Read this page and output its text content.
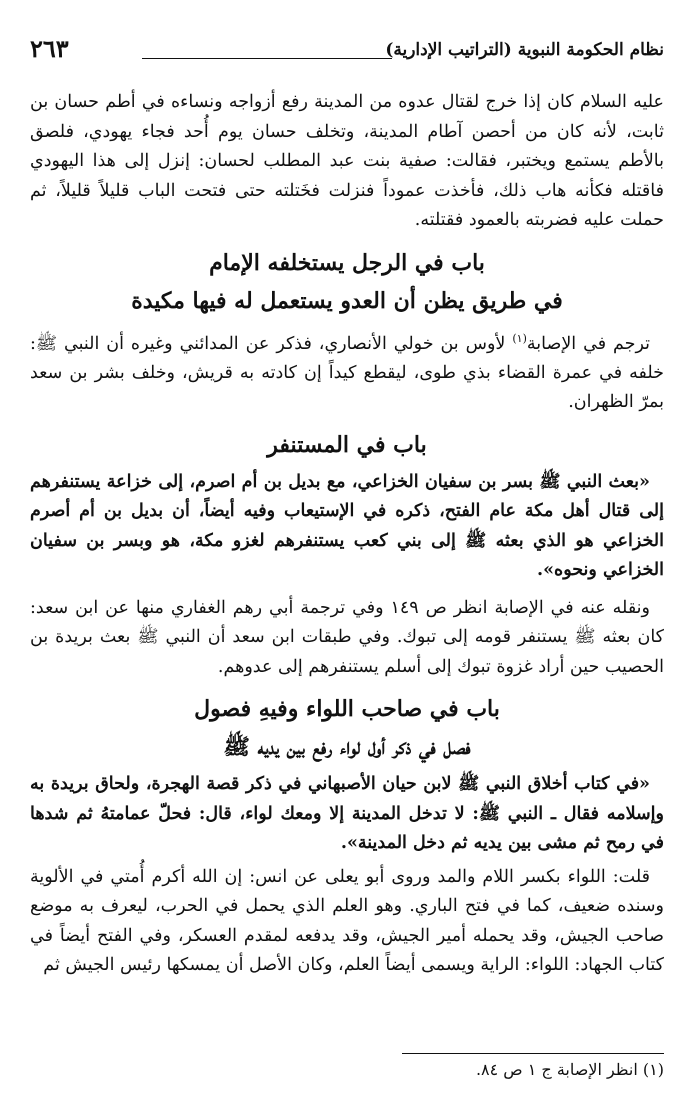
نظام الحكومة النبوية (التراتيب الإدارية)
٢٦٣

عليه السلام كان إذا خرج لقتال عدوه من المدينة رفع أزواجه ونساءه في أطم حسان بن ثابت، لأنه كان من أحصن آطام المدينة، وتخلف حسان يوم أُحد فجاء يهودي، فلصق بالأطم يستمع ويختبر، فقالت: صفية بنت عبد المطلب لحسان: إنزل إلى هذا اليهودي فاقتله فكأنه هاب ذلك، فأخذت عموداً فنزلت فخَتلته حتى فتحت الباب قليلاً قليلاً، ثم حملت عليه فضربته بالعمود فقتلته.

باب في الرجل يستخلفه الإمام
في طريق يظن أن العدو يستعمل له فيها مكيدة

ترجم في الإصابة$^{(١)}$ لأوس بن خولي الأنصاري، فذكر عن المدائني وغيره أن النبي ﷺ: خلفه في عمرة القضاء بذي طوى، ليقطع كيداً إن كادته به قريش، وخلف بشر بن سعد بمرّ الظهران.

باب في المستنفر

«بعث النبي ﷺ بسر بن سفيان الخزاعي، مع بديل بن أم اصرم، إلى خزاعة يستنفرهم إلى قتال أهل مكة عام الفتح، ذكره في الإستيعاب وفيه أيضاً، أن بديل بن أم أصرم الخزاعي هو الذي بعثه ﷺ إلى بني كعب يستنفرهم لغزو مكة، هو وبسر بن سفيان الخزاعي ونحوه».

ونقله عنه في الإصابة انظر ص ١٤٩ وفي ترجمة أبي رهم الغفاري منها عن ابن سعد: كان بعثه ﷺ يستنفر قومه إلى تبوك. وفي طبقات ابن سعد أن النبي ﷺ بعث بريدة بن الحصيب حين أراد غزوة تبوك إلى أسلم يستنفرهم إلى عدوهم.

باب في صاحب اللواء وفيهِ فصول
فصل في ذكر أول لواء رفع بين يديه ﷺ

«في كتاب أخلاق النبي ﷺ لابن حيان الأصبهاني في ذكر قصة الهجرة، ولحاق بريدة به وإسلامه فقال ـ النبي ﷺ: لا تدخل المدينة إلا ومعك لواء، قال: فحلّ عمامتهُ ثم شدها في رمح ثم مشى بين يديه ثم دخل المدينة».

قلت: اللواء بكسر اللام والمد وروى أبو يعلى عن انس: إن الله أكرم أُمتي في الألوية وسنده ضعيف، كما في فتح الباري. وهو العلم الذي يحمل في الحرب، ليعرف به موضع صاحب الجيش، وقد يحمله أمير الجيش، وقد يدفعه لمقدم العسكر، وفي الفتح أيضاً في كتاب الجهاد: اللواء: الراية ويسمى أيضاً العلم، وكان الأصل أن يمسكها رئيس الجيش ثم

(١) انظر الإصابة ج ١ ص ٨٤.
